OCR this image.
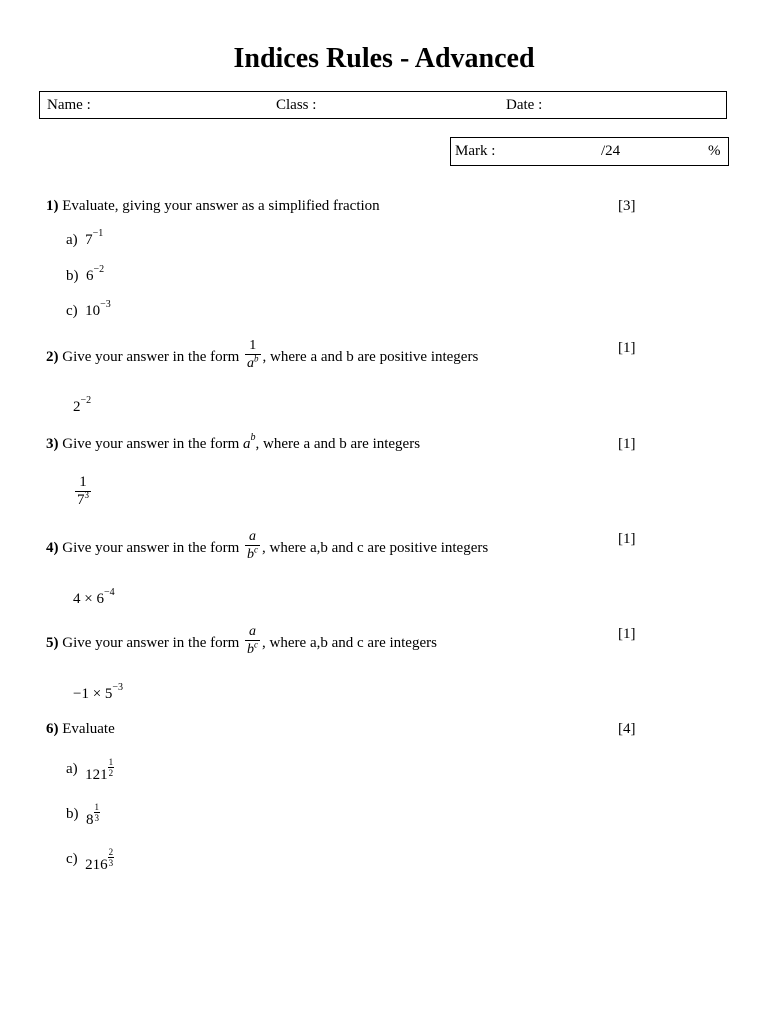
Indices Rules - Advanced
Name :	Class :	Date :
Mark :	/24	%
1) Evaluate, giving your answer as a simplified fraction	[3]
a) $7^{-1}$
b) $6^{-2}$
c) $10^{-3}$
2) Give your answer in the form $\frac{1}{a^b}$ , where a and b are positive integers
[1]
$2^{-2}$
3) Give your answer in the form $a^b$, where a and b are integers	[1]
$\frac{1}{7^3}$
4) Give your answer in the form $\frac{a}{b^c}$ , where a,b and c are positive integers
[1]
$4 \times 6^{-4}$
5) Give your answer in the form $\frac{a}{b^c}$ , where a,b and c are integers
[1]
$-1 \times 5^{-3}$
6) Evaluate	[4]
a) $121 \frac{1}{2}$
b) $8 \frac{1}{3}$
c) $216 \frac{2}{3}$
